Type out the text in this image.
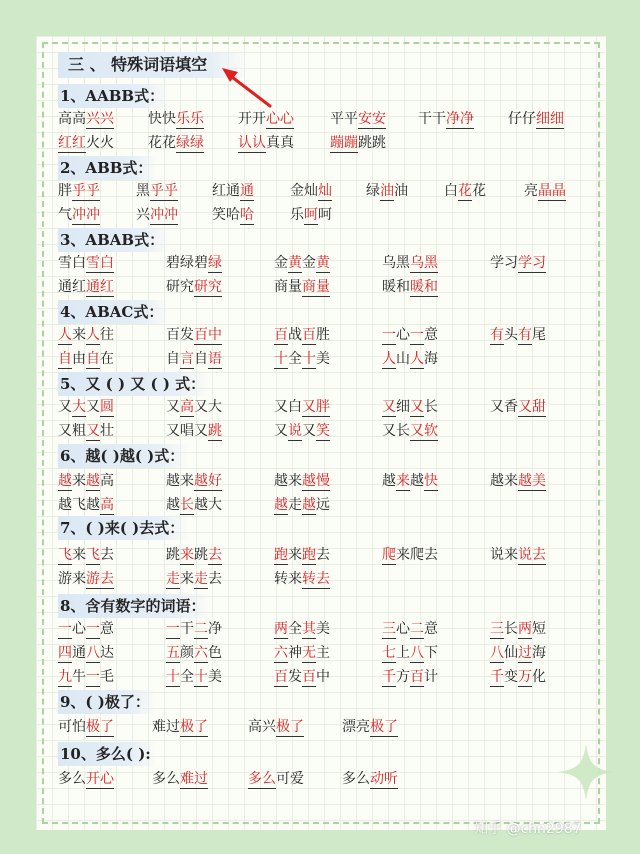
三 、 特殊词语填空
1、AABB式：
高高兴兴 快快乐乐 开开心心	平平安安 干干净净 仔仔细细
红红火火 花花绿绿 认认真真	蹦蹦跳跳
2、ABB式：
胖乎乎	黑乎乎 红通通	金灿灿 绿油油	白花花	亮晶晶
气冲冲	兴冲冲 笑哈哈	乐呵呵
3、ABAB式：
雪白雪白	碧绿碧绿	金黄金黄	乌黑乌黑	学习学习
通红通红	研究研究	商量商量	暖和暖和
4、ABAC式：
人来人往	百发百中	百战百胜	一心一意	有头有尾
自由自在	自言自语	十全十美	人山人海
5、又 ( ) 又 ( ) 式：
又大又圆	又高又大	又白又胖	又细又长	又香又甜
又粗又壮	又唱又跳	又说又笑	又长又软
6、越( )越( )式：
越来越高	越来越好	越来越慢	越来越快	越来越美
越飞越高	越长越大	越走越远
7、( )来( )去式：
飞来飞去	跳来跳去	跑来跑去	爬来爬去	说来说去
游来游去	走来走去	转来转去
8、含有数字的词语：
一心一意	一干二净	两全其美	三心二意	三长两短
四通八达	五颜六色	六神无主	七上八下	八仙过海
九牛一毛	十全十美	百发百中	千方百计	千变万化
9、( )极了：
可怕极了	难过极了	高兴极了	漂亮极了
10、多么( ):
多么开心	多么难过	多么可爱	多么动听
知乎 @chn2987
